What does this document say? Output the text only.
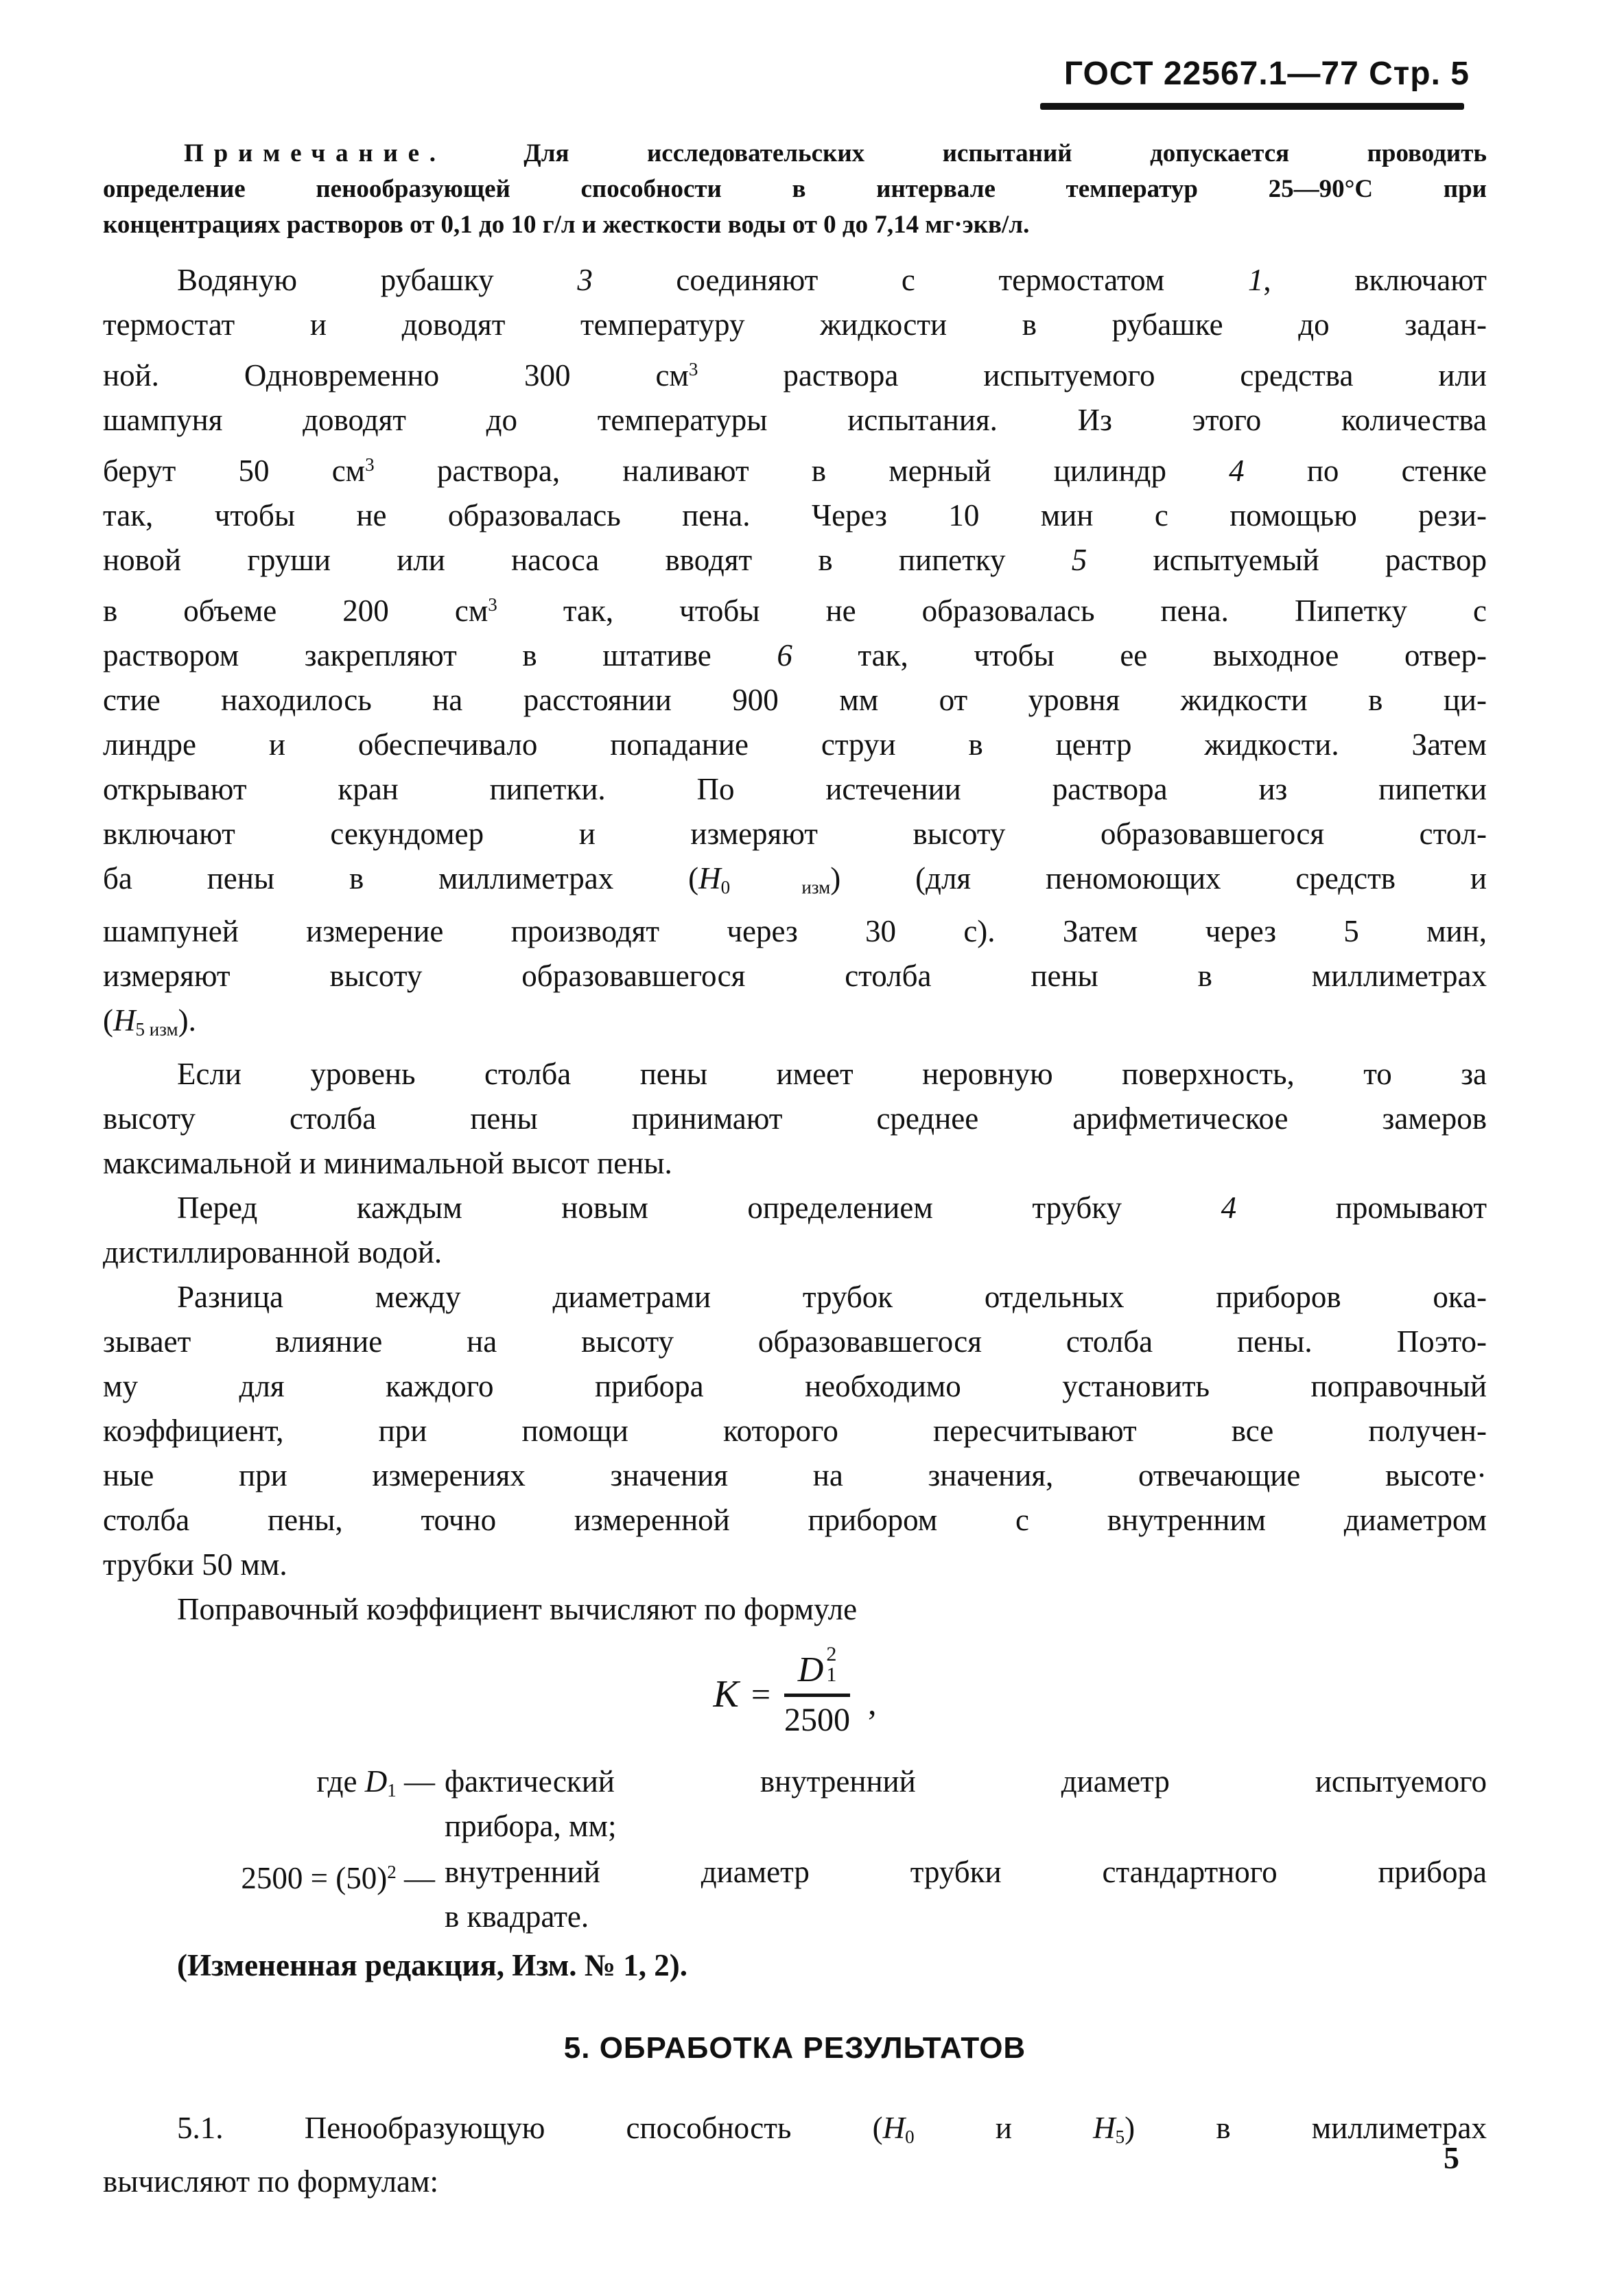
ГОСТ 22567.1—77 Стр. 5
Примечание. Для исследовательских испытаний допускается проводить
определение пенообразующей способности в интервале температур 25—90°С при
концентрациях растворов от 0,1 до 10 г/л и жесткости воды от 0 до 7,14 мг·экв/л.
Водяную рубашку 3 соединяют с термостатом 1, включают
термостат и доводят температуру жидкости в рубашке до задан-
ной. Одновременно 300 $см^3$ раствора испытуемого средства или
шампуня доводят до температуры испытания. Из этого количества
берут 50 $см^3$ раствора, наливают в мерный цилиндр 4 по стенке
так, чтобы не образовалась пена. Через 10 мин с помощью рези-
новой груши или насоса вводят в пипетку 5 испытуемый раствор
в объеме 200 $см^3$ так, чтобы не образовалась пена. Пипетку с
раствором закрепляют в штативе 6 так, чтобы ее выходное отвер-
стие находилось на расстоянии 900 мм от уровня жидкости в ци-
линдре и обеспечивало попадание струи в центр жидкости. Затем
открывают кран пипетки. По истечении раствора из пипетки
включают секундомер и измеряют высоту образовавшегося стол-
ба пены в миллиметрах (H0 изм) (для пеномоющих средств и
шампуней измерение производят через 30 с). Затем через 5 мин,
измеряют высоту образовавшегося столба пены в миллиметрах
(H5 изм).
Если уровень столба пены имеет неровную поверхность, то за
высоту столба пены принимают среднее арифметическое замеров
максимальной и минимальной высот пены.
Перед каждым новым определением трубку 4 промывают
дистиллированной водой.
Разница между диаметрами трубок отдельных приборов ока-
зывает влияние на высоту образовавшегося столба пены. Поэто-
му для каждого прибора необходимо установить поправочный
коэффициент, при помощи которого пересчитывают все получен-
ные при измерениях значения на значения, отвечающие высоте·
столба пены, точно измеренной прибором с внутренним диаметром
трубки 50 мм.
Поправочный коэффициент вычисляют по формуле
K =
D 2
1
2500 ,
где D1 — фактический внутренний диаметр испытуемого
прибора, мм;
$2500 = (50)^2$ — внутренний диаметр трубки стандартного прибора
в квадрате.
(Измененная редакция, Изм. № 1, 2).
5. ОБРАБОТКА РЕЗУЛЬТАТОВ
5.1. Пенообразующую способность (H0 и H5) в миллиметрах
вычисляют по формулам:
5
